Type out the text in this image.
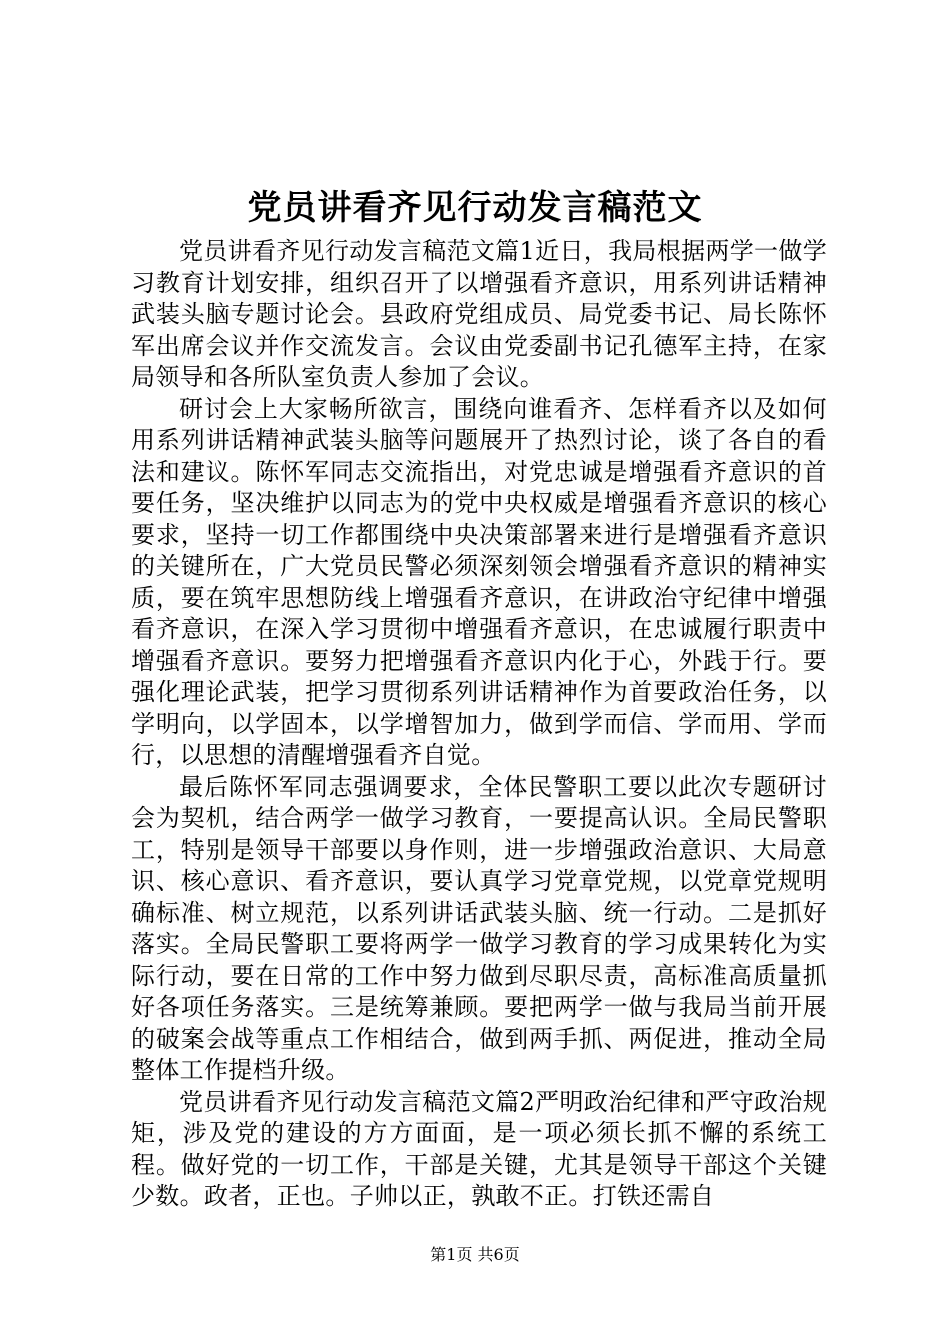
党员讲看齐见行动发言稿范文

党员讲看齐见行动发言稿范文篇1近日，我局根据两学一做学习教育计划安排，组织召开了以增强看齐意识，用系列讲话精神武装头脑专题讨论会。县政府党组成员、局党委书记、局长陈怀军出席会议并作交流发言。会议由党委副书记孔德军主持，在家局领导和各所队室负责人参加了会议。

研讨会上大家畅所欲言，围绕向谁看齐、怎样看齐以及如何用系列讲话精神武装头脑等问题展开了热烈讨论，谈了各自的看法和建议。陈怀军同志交流指出，对党忠诚是增强看齐意识的首要任务，坚决维护以同志为的党中央权威是增强看齐意识的核心要求，坚持一切工作都围绕中央决策部署来进行是增强看齐意识的关键所在，广大党员民警必须深刻领会增强看齐意识的精神实质，要在筑牢思想防线上增强看齐意识，在讲政治守纪律中增强看齐意识，在深入学习贯彻中增强看齐意识，在忠诚履行职责中增强看齐意识。要努力把增强看齐意识内化于心，外践于行。要强化理论武装，把学习贯彻系列讲话精神作为首要政治任务，以学明向，以学固本，以学增智加力，做到学而信、学而用、学而行，以思想的清醒增强看齐自觉。

最后陈怀军同志强调要求，全体民警职工要以此次专题研讨会为契机，结合两学一做学习教育，一要提高认识。全局民警职工，特别是领导干部要以身作则，进一步增强政治意识、大局意识、核心意识、看齐意识，要认真学习党章党规，以党章党规明确标准、树立规范，以系列讲话武装头脑、统一行动。二是抓好落实。全局民警职工要将两学一做学习教育的学习成果转化为实际行动，要在日常的工作中努力做到尽职尽责，高标准高质量抓好各项任务落实。三是统筹兼顾。要把两学一做与我局当前开展的破案会战等重点工作相结合，做到两手抓、两促进，推动全局整体工作提档升级。

党员讲看齐见行动发言稿范文篇2严明政治纪律和严守政治规矩，涉及党的建设的方方面面，是一项必须长抓不懈的系统工程。做好党的一切工作，干部是关键，尤其是领导干部这个关键少数。政者，正也。子帅以正，孰敢不正。打铁还需自

第1页 共6页
